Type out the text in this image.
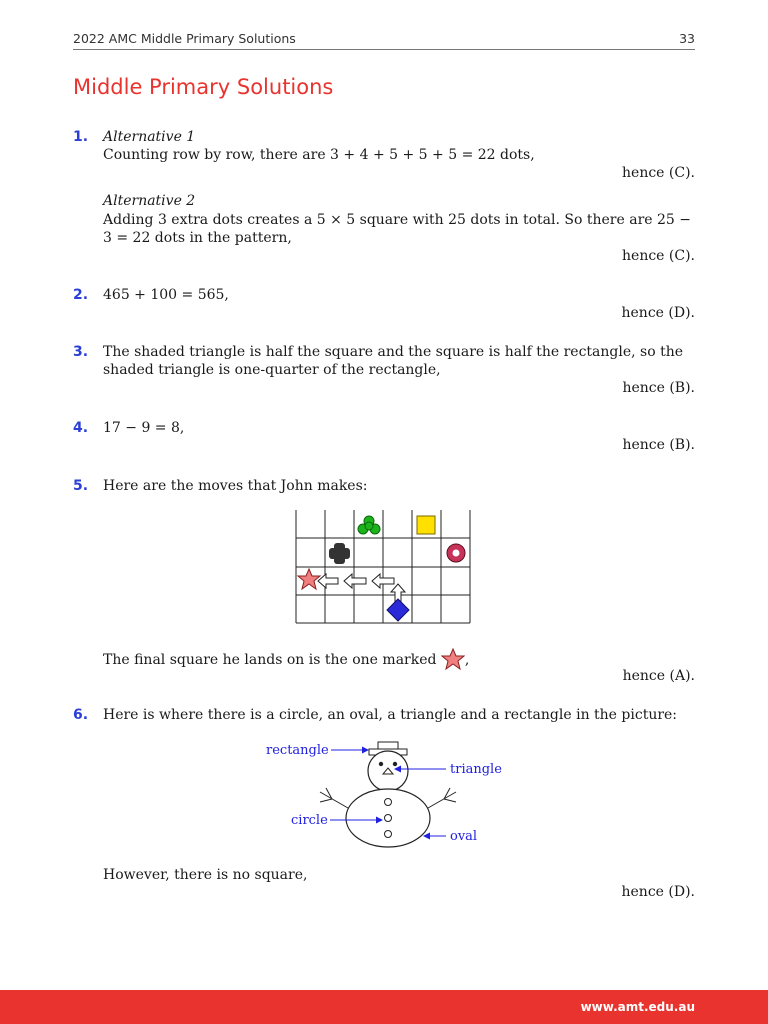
2022 AMC Middle Primary Solutions	33
Middle Primary Solutions
1. Alternative 1
Counting row by row, there are 3 + 4 + 5 + 5 + 5 = 22 dots,
hence (C).
Alternative 2
Adding 3 extra dots creates a 5 × 5 square with 25 dots in total. So there are 25 − 3 = 22 dots in the pattern,
hence (C).
2. 465 + 100 = 565,
hence (D).
3. The shaded triangle is half the square and the square is half the rectangle, so the shaded triangle is one-quarter of the rectangle,
hence (B).
4. 17 − 9 = 8,
hence (B).
5. Here are the moves that John makes:
The final square he lands on is the one marked ,
hence (A).
6. Here is where there is a circle, an oval, a triangle and a rectangle in the picture:
rectangle
triangle
circle
oval
However, there is no square,
hence (D).
www.amt.edu.au
